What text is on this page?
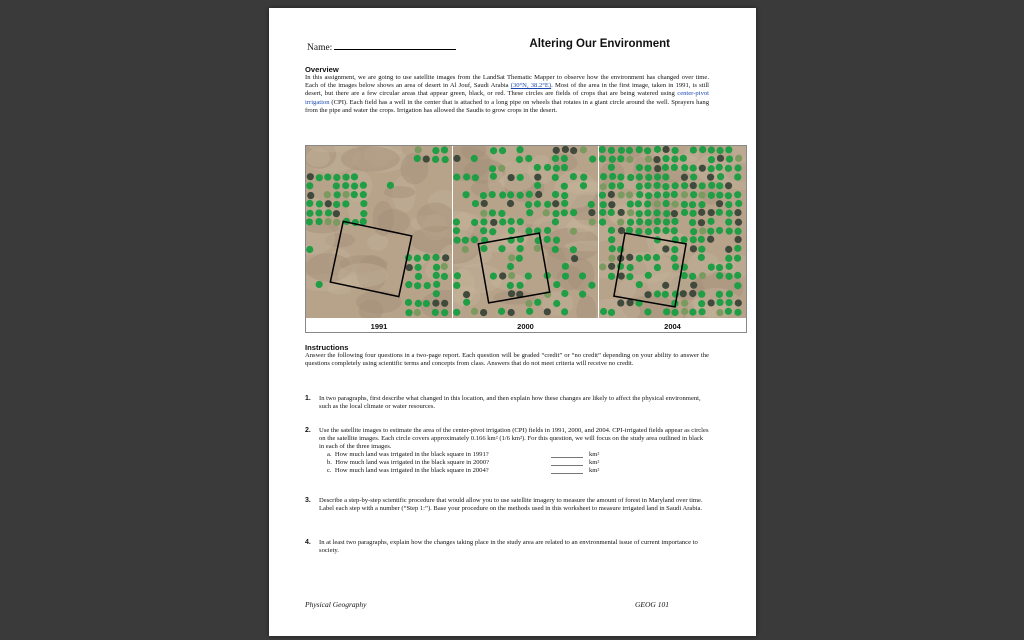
Name:	Altering Our Environment
Overview
In this assignment, we are going to use satellite images from the LandSat Thematic Mapper to observe how the environment has changed over time. Each of the images below shows an area of desert in Al Jouf, Saudi Arabia (30°N, 38.2°E). Most of the area in the first image, taken in 1991, is still desert, but there are a few circular areas that appear green, black, or red. These circles are fields of crops that are being watered using center-pivot irrigation (CPI). Each field has a well in the center that is attached to a long pipe on wheels that rotates in a giant circle around the well. Sprayers hang from the pipe and water the crops. Irrigation has allowed the Saudis to grow crops in the desert.
1991	2000	2004
Instructions
Answer the following four questions in a two-page report. Each question will be graded “credit” or “no credit” depending on your ability to answer the questions completely using scientific terms and concepts from class. Answers that do not meet criteria will receive no credit.
1. In two paragraphs, first describe what changed in this location, and then explain how these changes are likely to affect the physical environment, such as the local climate or water resources.
2. Use the satellite images to estimate the area of the center-pivot irrigation (CPI) fields in 1991, 2000, and 2004. CPI-irrigated fields appear as circles on the satellite images. Each circle covers approximately 0.166 km² (1/6 km²). For this question, we will focus on the study area outlined in black in each of the three images.
a. How much land was irrigated in the black square in 1991?	km²
b. How much land was irrigated in the black square in 2000?	km²
c. How much land was irrigated in the black square in 2004?	km²
3. Describe a step-by-step scientific procedure that would allow you to use satellite imagery to measure the amount of forest in Maryland over time. Label each step with a number (“Step 1:”). Base your procedure on the methods used in this worksheet to measure irrigated land in Saudi Arabia.
4. In at least two paragraphs, explain how the changes taking place in the study area are related to an environmental issue of current importance to society.
Physical Geography	GEOG 101
